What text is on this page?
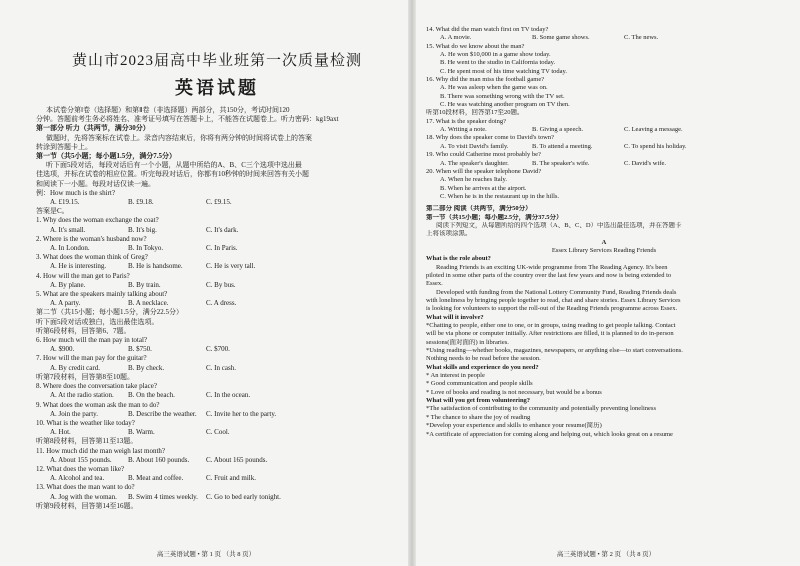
黄山市2023届高中毕业班第一次质量检测
英语试题
本试卷分第Ⅰ卷（选择题）和第Ⅱ卷（非选择题）两部分，共150分，考试时间120
分钟。答题前考生务必将姓名、准考证号填写在答题卡上，不能答在试题卷上。听力密码：kg19axt
第一部分 听力（共两节，满分30分）
做题时，先将答案标在试卷上。录音内容结束后，你将有两分钟的时间将试卷上的答案
转涂到答题卡上。
第一节（共5小题；每小题1.5分，满分7.5分）
听下面5段对话，每段对话后有一个小题，从题中所给的A、B、C三个选项中选出最
佳选项，并标在试卷的相应位置。听完每段对话后，你都有10秒钟的时间来回答有关小题
和阅读下一小题。每段对话仅读一遍。
例：How much is the shirt?
A. £19.15.	B. £9.18.	C. £9.15.
答案是C。
1. Why does the woman exchange the coat?
A. It's small.	B. It's big.	C. It's dark.
2. Where is the woman's husband now?
A. In London.	B. In Tokyo.	C. In Paris.
3. What does the woman think of Greg?
A. He is interesting.	B. He is handsome.	C. He is very tall.
4. How will the man get to Paris?
A. By plane.	B. By train.	C. By bus.
5. What are the speakers mainly talking about?
A. A party.	B. A necklace.	C. A dress.
第二节（共15小题；每小题1.5分，满分22.5分）
听下面5段对话或独白，选出最佳选项。
听第6段材料，回答第6、7题。
6. How much will the man pay in total?
A. $900.	B. $750.	C. $700.
7. How will the man pay for the guitar?
A. By credit card.	B. By check.	C. In cash.
听第7段材料，回答第8至10题。
8. Where does the conversation take place?
A. At the radio station.	B. On the beach.	C. In the ocean.
9. What does the woman ask the man to do?
A. Join the party.	B. Describe the weather.	C. Invite her to the party.
10. What is the weather like today?
A. Hot.	B. Warm.	C. Cool.
听第8段材料，回答第11至13题。
11. How much did the man weigh last month?
A. About 155 pounds.	B. About 160 pounds.	C. About 165 pounds.
12. What does the woman like?
A. Alcohol and tea.	B. Meat and coffee.	C. Fruit and milk.
13. What does the man want to do?
A. Jog with the woman.	B. Swim 4 times weekly.	C. Go to bed early tonight.
听第9段材料，回答第14至16题。
高三英语试题 • 第 1 页 （共 8 页）
14. What did the man watch first on TV today?
A. A movie.	B. Some game shows.	C. The news.
15. What do we know about the man?
A. He won $10,000 in a game show today.
B. He went to the studio in California today.
C. He spent most of his time watching TV today.
16. Why did the man miss the football game?
A. He was asleep when the game was on.
B. There was something wrong with the TV set.
C. He was watching another program on TV then.
听第10段材料，回答第17至20题。
17. What is the speaker doing?
A. Writing a note.	B. Giving a speech.	C. Leaving a message.
18. Why does the speaker come to David's town?
A. To visit David's family.	B. To attend a meeting.	C. To spend his holiday.
19. Who could Catherine most probably be?
A. The speaker's daughter.	B. The speaker's wife.	C. David's wife.
20. When will the speaker telephone David?
A. When he reaches Italy.
B. When he arrives at the airport.
C. When he is in the restaurant up in the hills.
第二部分 阅读（共两节，满分50分）
第一节（共15小题；每小题2.5分，满分37.5分）
阅读下列短文，从每题所给的四个选项（A、B、C、D）中选出最佳选项，并在答题卡
上将该项涂黑。
A
Essex Library Services Reading Friends
What is the role about?
Reading Friends is an exciting UK-wide programme from The Reading Agency. It's been
piloted in some other parts of the country over the last few years and now is being extended to
Essex.
Developed with funding from the National Lottery Community Fund, Reading Friends deals
with loneliness by bringing people together to read, chat and share stories. Essex Library Services
is looking for volunteers to support the roll-out of the Reading Friends programme across Essex.
What will it involve?
*Chatting to people, either one to one, or in groups, using reading to get people talking. Contact
will be via phone or computer initially. After restrictions are filled, it is planned to do in-person
sessions(面对面的) in libraries.
*Using reading—whether books, magazines, newspapers, or anything else—to start conversations.
Nothing needs to be read before the session.
What skills and experience do you need?
* An interest in people
* Good communication and people skills
* Love of books and reading is not necessary, but would be a bonus
What will you get from volunteering?
*The satisfaction of contributing to the community and potentially preventing loneliness
* The chance to share the joy of reading
*Develop your experience and skills to enhance your resume(简历)
*A certificate of appreciation for coming along and helping out, which looks great on a resume
高三英语试题 • 第 2 页 （共 8 页）
